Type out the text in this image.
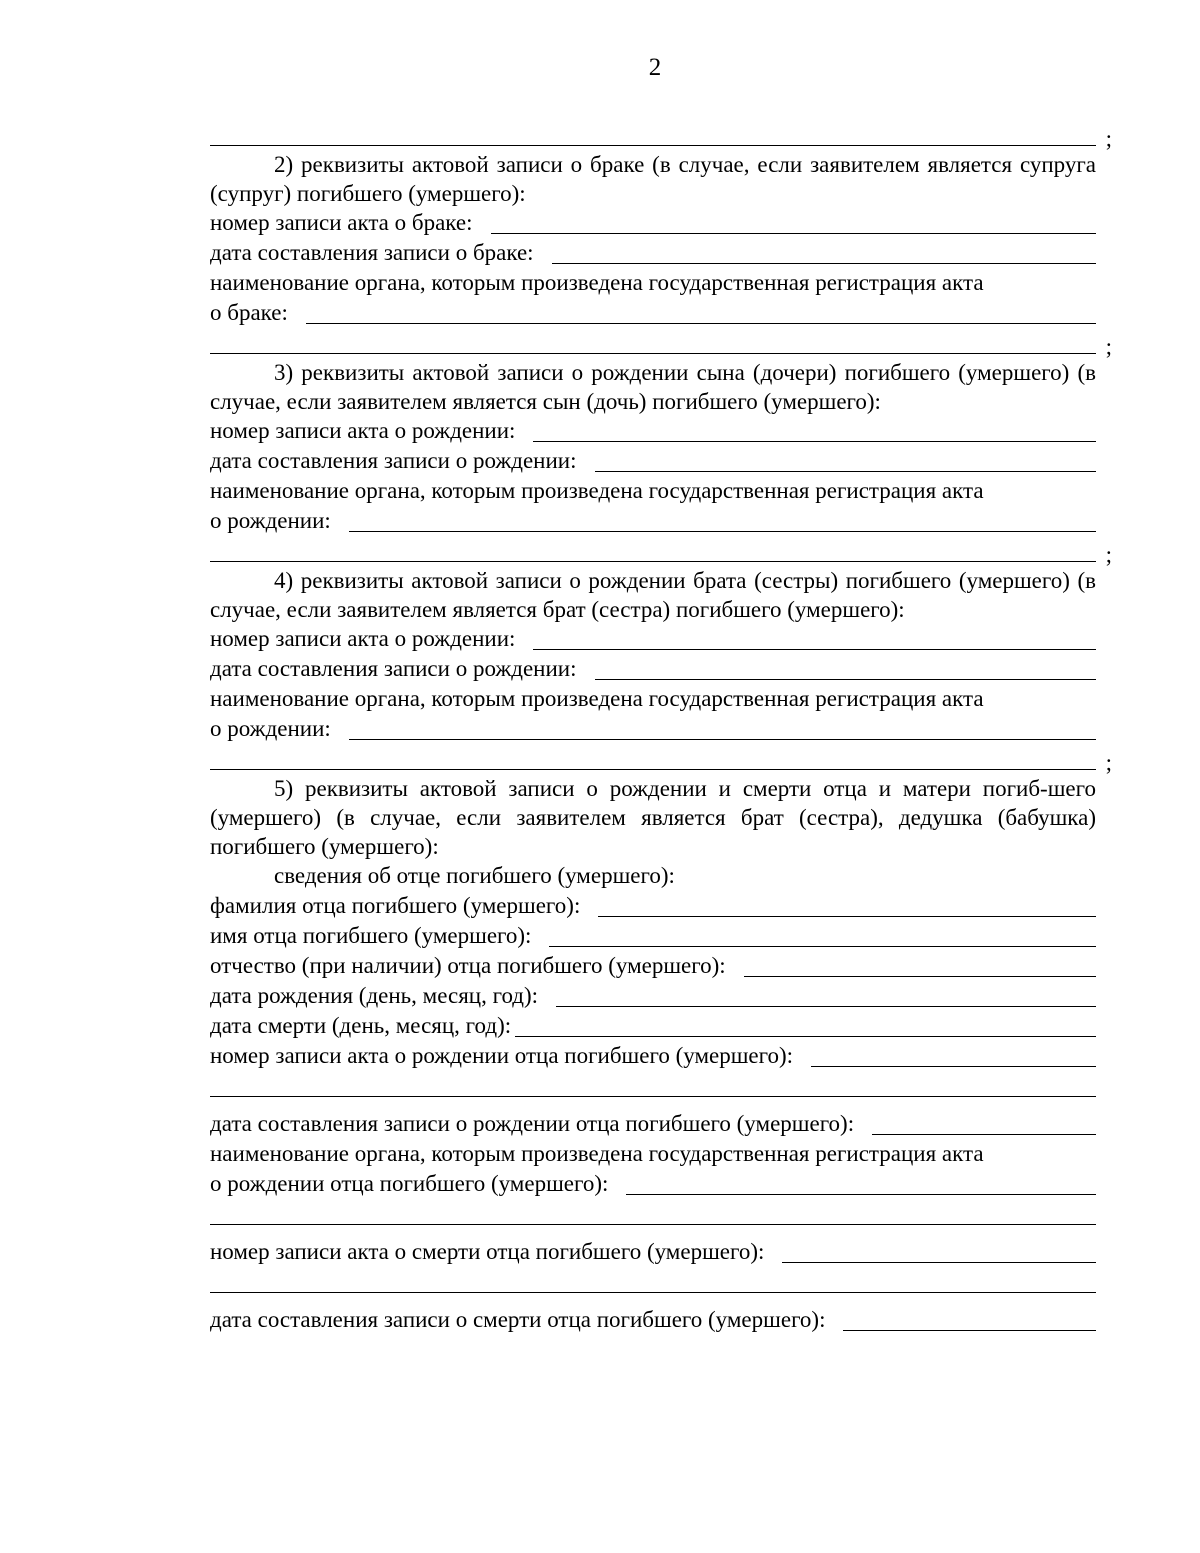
2
;
2) реквизиты актовой записи о браке (в случае, если заявителем является супруга (супруг) погибшего (умершего):
номер записи акта о браке:
дата составления записи о браке:
наименование органа, которым произведена государственная регистрация акта
о браке:
;
3) реквизиты актовой записи о рождении сына (дочери) погибшего (умершего) (в случае, если заявителем является сын (дочь) погибшего (умершего):
номер записи акта о рождении:
дата составления записи о рождении:
наименование органа, которым произведена государственная регистрация акта
о рождении:
;
4) реквизиты актовой записи о рождении брата (сестры) погибшего (умершего) (в случае, если заявителем является брат (сестра) погибшего (умершего):
номер записи акта о рождении:
дата составления записи о рождении:
наименование органа, которым произведена государственная регистрация акта
о рождении:
;
5) реквизиты актовой записи о рождении и смерти отца и матери погиб-шего (умершего) (в случае, если заявителем является брат (сестра), дедушка (бабушка) погибшего (умершего):
сведения об отце погибшего (умершего):
фамилия отца погибшего (умершего):
имя отца погибшего (умершего):
отчество (при наличии) отца погибшего (умершего):
дата рождения (день, месяц, год):
дата смерти (день, месяц, год):
номер записи акта о рождении отца погибшего (умершего):
дата составления записи о рождении отца погибшего (умершего):
наименование органа, которым произведена государственная регистрация акта
о рождении отца погибшего (умершего):
номер записи акта о смерти отца погибшего (умершего):
дата составления записи о смерти отца погибшего (умершего):
